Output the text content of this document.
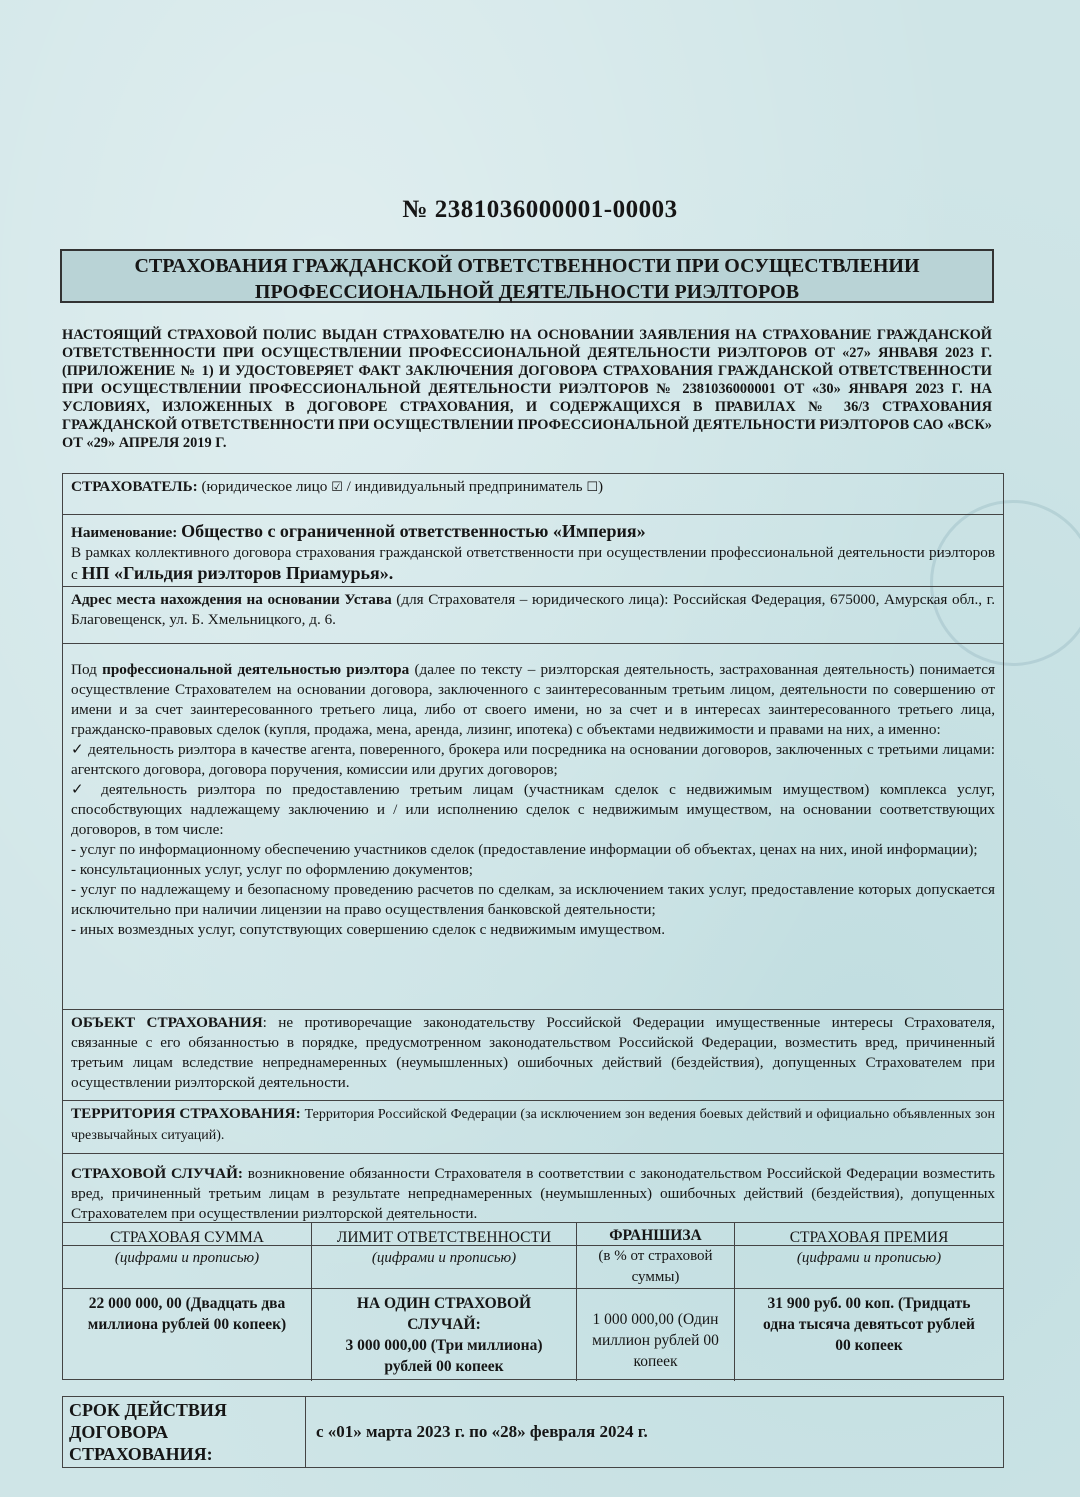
№ 2381036000001-00003
СТРАХОВАНИЯ ГРАЖДАНСКОЙ ОТВЕТСТВЕННОСТИ ПРИ ОСУЩЕСТВЛЕНИИ
ПРОФЕССИОНАЛЬНОЙ ДЕЯТЕЛЬНОСТИ РИЭЛТОРОВ
НАСТОЯЩИЙ СТРАХОВОЙ ПОЛИС ВЫДАН СТРАХОВАТЕЛЮ НА ОСНОВАНИИ ЗАЯВЛЕНИЯ НА СТРАХОВАНИЕ ГРАЖДАНСКОЙ ОТВЕТСТВЕННОСТИ ПРИ ОСУЩЕСТВЛЕНИИ ПРОФЕССИОНАЛЬНОЙ ДЕЯТЕЛЬНОСТИ РИЭЛТОРОВ ОТ «27» ЯНВАВЯ 2023 Г. (ПРИЛОЖЕНИЕ № 1) И УДОСТОВЕРЯЕТ ФАКТ ЗАКЛЮЧЕНИЯ ДОГОВОРА СТРАХОВАНИЯ ГРАЖДАНСКОЙ ОТВЕТСТВЕННОСТИ ПРИ ОСУЩЕСТВЛЕНИИ ПРОФЕССИОНАЛЬНОЙ ДЕЯТЕЛЬНОСТИ РИЭЛТОРОВ № 2381036000001 ОТ «30» ЯНВАРЯ 2023 Г. НА УСЛОВИЯХ, ИЗЛОЖЕННЫХ В ДОГОВОРЕ СТРАХОВАНИЯ, И СОДЕРЖАЩИХСЯ В ПРАВИЛАХ № 36/3 СТРАХОВАНИЯ ГРАЖДАНСКОЙ ОТВЕТСТВЕННОСТИ ПРИ ОСУЩЕСТВЛЕНИИ ПРОФЕССИОНАЛЬНОЙ ДЕЯТЕЛЬНОСТИ РИЭЛТОРОВ САО «ВСК» ОТ «29» АПРЕЛЯ 2019 Г.
СТРАХОВАТЕЛЬ: (юридическое лицо ☑ / индивидуальный предприниматель ☐)
Наименование: Общество с ограниченной ответственностью «Империя»
В рамках коллективного договора страхования гражданской ответственности при осуществлении профессиональной деятельности риэлторов с НП «Гильдия риэлторов Приамурья».
Адрес места нахождения на основании Устава (для Страхователя – юридического лица): Российская Федерация, 675000, Амурская обл., г. Благовещенск, ул. Б. Хмельницкого, д. 6.
Под профессиональной деятельностью риэлтора (далее по тексту – риэлторская деятельность, застрахованная деятельность) понимается осуществление Страхователем на основании договора, заключенного с заинтересованным третьим лицом, деятельности по совершению от имени и за счет заинтересованного третьего лица, либо от своего имени, но за счет и в интересах заинтересованного третьего лица, гражданско-правовых сделок (купля, продажа, мена, аренда, лизинг, ипотека) с объектами недвижимости и правами на них, а именно:
✓ деятельность риэлтора в качестве агента, поверенного, брокера или посредника на основании договоров, заключенных с третьими лицами: агентского договора, договора поручения, комиссии или других договоров;
✓ деятельность риэлтора по предоставлению третьим лицам (участникам сделок с недвижимым имуществом) комплекса услуг, способствующих надлежащему заключению и / или исполнению сделок с недвижимым имуществом, на основании соответствующих договоров, в том числе:
- услуг по информационному обеспечению участников сделок (предоставление информации об объектах, ценах на них, иной информации);
- консультационных услуг, услуг по оформлению документов;
- услуг по надлежащему и безопасному проведению расчетов по сделкам, за исключением таких услуг, предоставление которых допускается исключительно при наличии лицензии на право осуществления банковской деятельности;
- иных возмездных услуг, сопутствующих совершению сделок с недвижимым имуществом.
ОБЪЕКТ СТРАХОВАНИЯ: не противоречащие законодательству Российской Федерации имущественные интересы Страхователя, связанные с его обязанностью в порядке, предусмотренном законодательством Российской Федерации, возместить вред, причиненный третьим лицам вследствие непреднамеренных (неумышленных) ошибочных действий (бездействия), допущенных Страхователем при осуществлении риэлторской деятельности.
ТЕРРИТОРИЯ СТРАХОВАНИЯ: Территория Российской Федерации (за исключением зон ведения боевых действий и официально объявленных зон чрезвычайных ситуаций).
СТРАХОВОЙ СЛУЧАЙ: возникновение обязанности Страхователя в соответствии с законодательством Российской Федерации возместить вред, причиненный третьим лицам в результате непреднамеренных (неумышленных) ошибочных действий (бездействия), допущенных Страхователем при осуществлении риэлторской деятельности.
СТРАХОВАЯ СУММА
(цифрами и прописью)
ЛИМИТ ОТВЕТСТВЕННОСТИ
(цифрами и прописью)
ФРАНШИЗА
(в % от страховой суммы)
СТРАХОВАЯ ПРЕМИЯ
(цифрами и прописью)
22 000 000, 00 (Двадцать два миллиона рублей 00 копеек)
НА ОДИН СТРАХОВОЙ СЛУЧАЙ:
3 000 000,00 (Три миллиона) рублей 00 копеек
1 000 000,00 (Один миллион рублей 00 копеек
31 900 руб. 00 коп. (Тридцать одна тысяча девятьсот рублей 00 копеек
СРОК ДЕЙСТВИЯ ДОГОВОРА СТРАХОВАНИЯ:
с «01» марта 2023 г. по «28» февраля 2024 г.
